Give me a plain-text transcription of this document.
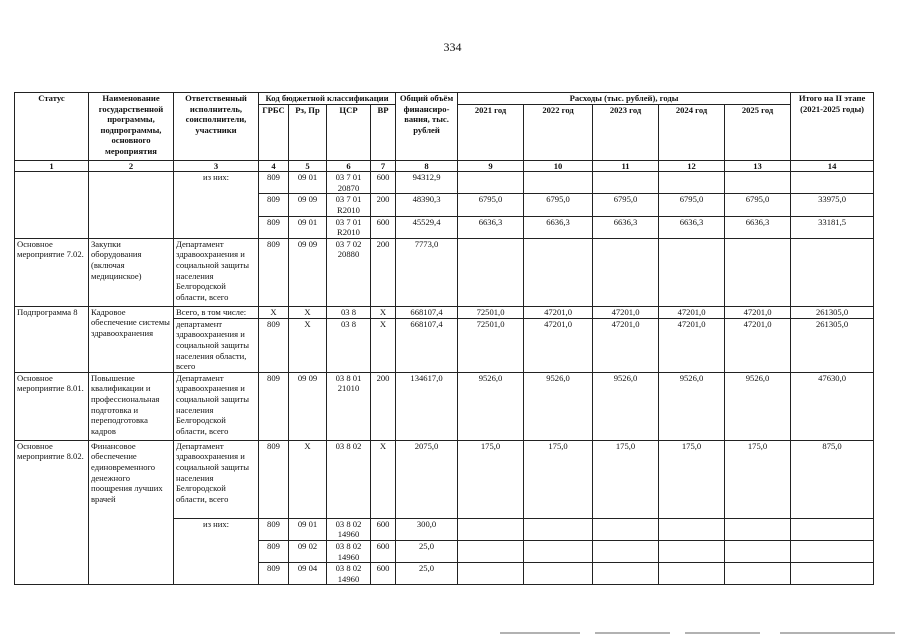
334
Статус	Наименование государственной программы, подпрограммы, основного мероприятия	Ответственный исполнитель, соисполнители, участники	Код бюджетной классификации				Общий объём финансиро-вания, тыс. рублей	Расходы (тыс. рублей), годы					Итого на II этапе (2021-2025 годы)
			ГРБС	Рз, Пр	ЦСР	ВР		2021 год	2022 год	2023 год	2024 год	2025 год	
1	2	3	4	5	6	7	8	9	10	11	12	13	14
		из них:	809	09 01	03 7 01 20870	600	94312,9						
			809	09 09	03 7 01 R2010	200	48390,3	6795,0	6795,0	6795,0	6795,0	6795,0	33975,0
			809	09 01	03 7 01 R2010	600	45529,4	6636,3	6636,3	6636,3	6636,3	6636,3	33181,5
Основное мероприятие 7.02.	Закупки оборудования (включая медицинское)	Департамент здравоохранения и социальной защиты населения Белгородской области, всего	809	09 09	03 7 02 20880	200	7773,0						
Подпрограмма 8	Кадровое обеспечение системы здравоохранения	Всего, в том числе:	X	X	03 8	X	668107,4	72501,0	47201,0	47201,0	47201,0	47201,0	261305,0
		департамент здравоохранения и социальной защиты населения области, всего	809	X	03 8	X	668107,4	72501,0	47201,0	47201,0	47201,0	47201,0	261305,0
Основное мероприятие 8.01.	Повышение квалификации и профессиональная подготовка и переподготовка кадров	Департамент здравоохранения и социальной защиты населения Белгородской области, всего	809	09 09	03 8 01 21010	200	134617,0	9526,0	9526,0	9526,0	9526,0	9526,0	47630,0
Основное мероприятие 8.02.	Финансовое обеспечение единовременного денежного поощрения лучших врачей	Департамент здравоохранения и социальной защиты населения Белгородской области, всего	809	X	03 8 02	X	2075,0	175,0	175,0	175,0	175,0	175,0	875,0
		из них:	809	09 01	03 8 02 14960	600	300,0						
			809	09 02	03 8 02 14960	600	25,0						
			809	09 04	03 8 02 14960	600	25,0						
